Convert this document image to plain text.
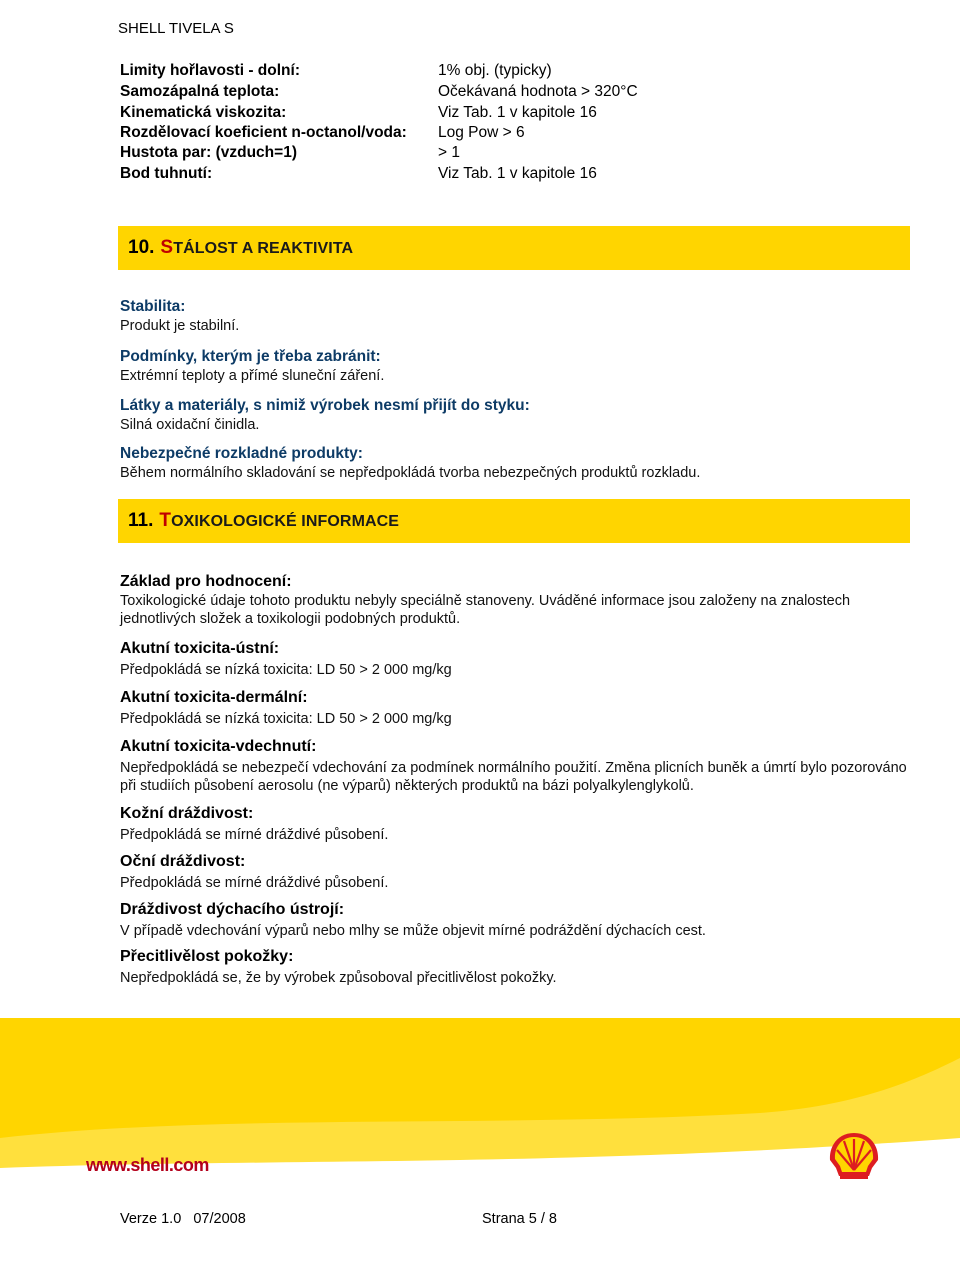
SHELL TIVELA S
Limity hořlavosti - dolní:	1% obj. (typicky)
Samozápalná teplota:	Očekávaná hodnota > 320°C
Kinematická viskozita:	Viz Tab. 1 v kapitole 16
Rozdělovací koeficient n-octanol/voda:	Log Pow > 6
Hustota par: (vzduch=1)	> 1
Bod tuhnutí:	Viz Tab. 1 v kapitole 16
10. STÁLOST A REAKTIVITA
Stabilita:
Produkt je stabilní.
Podmínky, kterým je třeba zabránit:
Extrémní teploty a přímé sluneční záření.
Látky a materiály, s nimiž výrobek nesmí přijít do styku:
Silná oxidační činidla.
Nebezpečné rozkladné produkty:
Během normálního skladování se nepředpokládá tvorba nebezpečných produktů rozkladu.
11. TOXIKOLOGICKÉ INFORMACE
Základ pro hodnocení:
Toxikologické údaje tohoto produktu nebyly speciálně stanoveny. Uváděné informace jsou založeny na znalostech jednotlivých složek a toxikologii podobných produktů.
Akutní toxicita-ústní:
Předpokládá se nízká toxicita: LD 50 > 2 000 mg/kg
Akutní toxicita-dermální:
Předpokládá se nízká toxicita: LD 50 > 2 000 mg/kg
Akutní toxicita-vdechnutí:
Nepředpokládá se nebezpečí vdechování za podmínek normálního použití. Změna plicních buněk a úmrtí bylo pozorováno při studiích působení aerosolu (ne výparů) některých produktů na bázi polyalkylenglykolů.
Kožní dráždivost:
Předpokládá se mírné dráždivé působení.
Oční dráždivost:
Předpokládá se mírné dráždivé působení.
Dráždivost dýchacího ústrojí:
V případě vdechování výparů nebo mlhy se může objevit mírné podráždění dýchacích cest.
Přecitlivělost pokožky:
Nepředpokládá se, že by výrobek způsoboval přecitlivělost pokožky.
www.shell.com
Verze 1.0   07/2008	Strana 5 / 8
